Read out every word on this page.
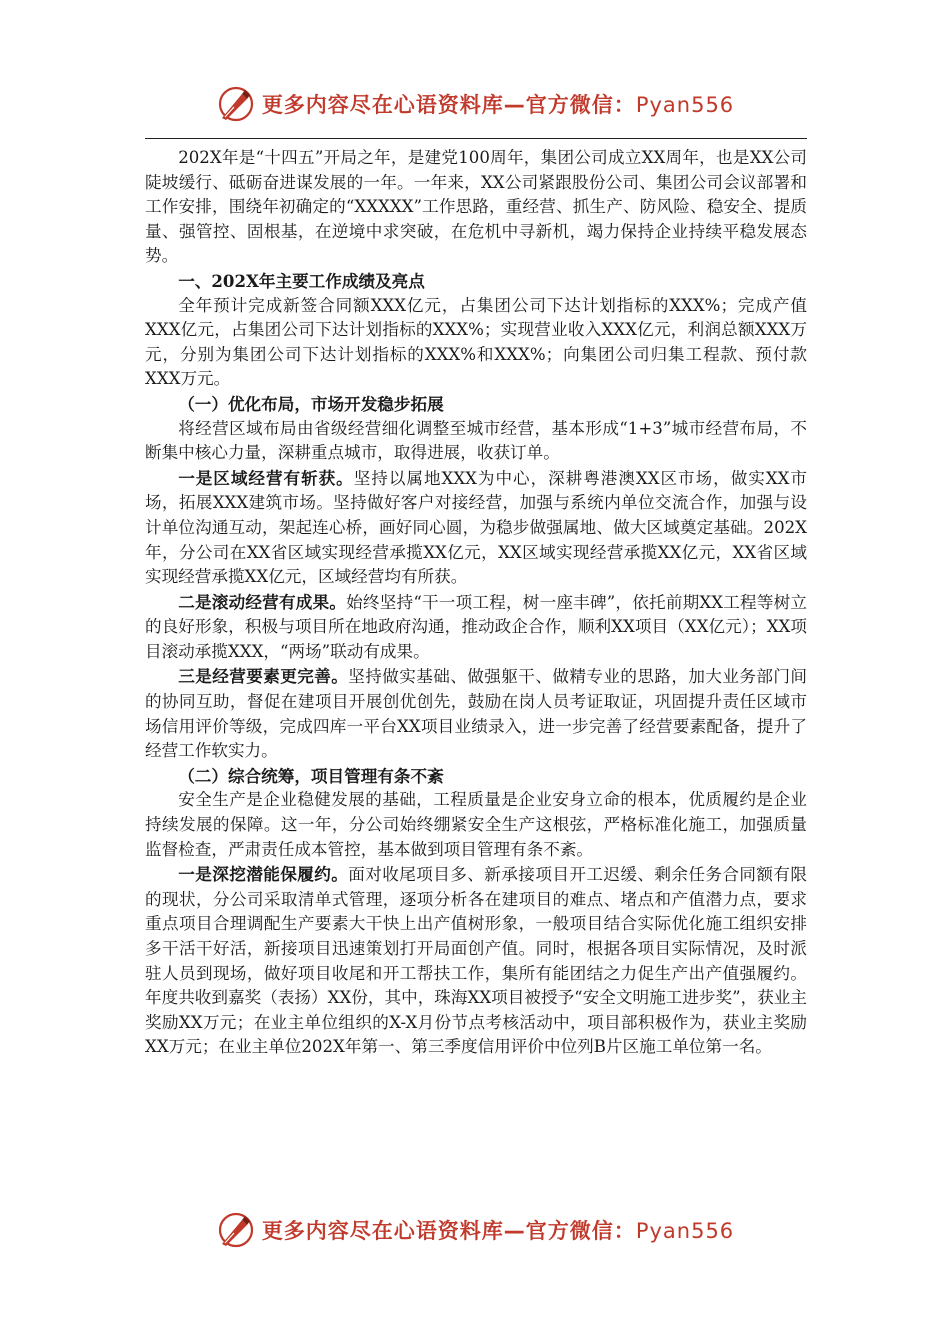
更多内容尽在心语资料库—官方微信：Pyan556

202X年是“十四五”开局之年，是建党100周年，集团公司成立XX周年，也是XX公司陡坡缓行、砥砺奋进谋发展的一年。一年来，XX公司紧跟股份公司、集团公司会议部署和工作安排，围绕年初确定的“XXXXX”工作思路，重经营、抓生产、防风险、稳安全、提质量、强管控、固根基，在逆境中求突破，在危机中寻新机，竭力保持企业持续平稳发展态势。

一、202X年主要工作成绩及亮点

全年预计完成新签合同额XXX亿元，占集团公司下达计划指标的XXX%；完成产值XXX亿元，占集团公司下达计划指标的XXX%；实现营业收入XXX亿元，利润总额XXX万元，分别为集团公司下达计划指标的XXX%和XXX%；向集团公司归集工程款、预付款XXX万元。

（一）优化布局，市场开发稳步拓展

将经营区域布局由省级经营细化调整至城市经营，基本形成“1+3”城市经营布局，不断集中核心力量，深耕重点城市，取得进展，收获订单。

一是区域经营有斩获。坚持以属地XXX为中心，深耕粤港澳XX区市场，做实XX市场，拓展XXX建筑市场。坚持做好客户对接经营，加强与系统内单位交流合作，加强与设计单位沟通互动，架起连心桥，画好同心圆，为稳步做强属地、做大区域奠定基础。202X年，分公司在XX省区域实现经营承揽XX亿元，XX区域实现经营承揽XX亿元，XX省区域实现经营承揽XX亿元，区域经营均有所获。

二是滚动经营有成果。始终坚持“干一项工程，树一座丰碑”，依托前期XX工程等树立的良好形象，积极与项目所在地政府沟通，推动政企合作，顺利XX项目（XX亿元）；XX项目滚动承揽XXX，“两场”联动有成果。

三是经营要素更完善。坚持做实基础、做强躯干、做精专业的思路，加大业务部门间的协同互助，督促在建项目开展创优创先，鼓励在岗人员考证取证，巩固提升责任区域市场信用评价等级，完成四库一平台XX项目业绩录入，进一步完善了经营要素配备，提升了经营工作软实力。

（二）综合统筹，项目管理有条不紊

安全生产是企业稳健发展的基础，工程质量是企业安身立命的根本，优质履约是企业持续发展的保障。这一年，分公司始终绷紧安全生产这根弦，严格标准化施工，加强质量监督检查，严肃责任成本管控，基本做到项目管理有条不紊。

一是深挖潜能保履约。面对收尾项目多、新承接项目开工迟缓、剩余任务合同额有限的现状，分公司采取清单式管理，逐项分析各在建项目的难点、堵点和产值潜力点，要求重点项目合理调配生产要素大干快上出产值树形象，一般项目结合实际优化施工组织安排多干活干好活，新接项目迅速策划打开局面创产值。同时，根据各项目实际情况，及时派驻人员到现场，做好项目收尾和开工帮扶工作，集所有能团结之力促生产出产值强履约。年度共收到嘉奖（表扬）XX份，其中，珠海XX项目被授予“安全文明施工进步奖”，获业主奖励XX万元；在业主单位组织的X-X月份节点考核活动中，项目部积极作为，获业主奖励XX万元；在业主单位202X年第一、第三季度信用评价中位列B片区施工单位第一名。

更多内容尽在心语资料库—官方微信：Pyan556
